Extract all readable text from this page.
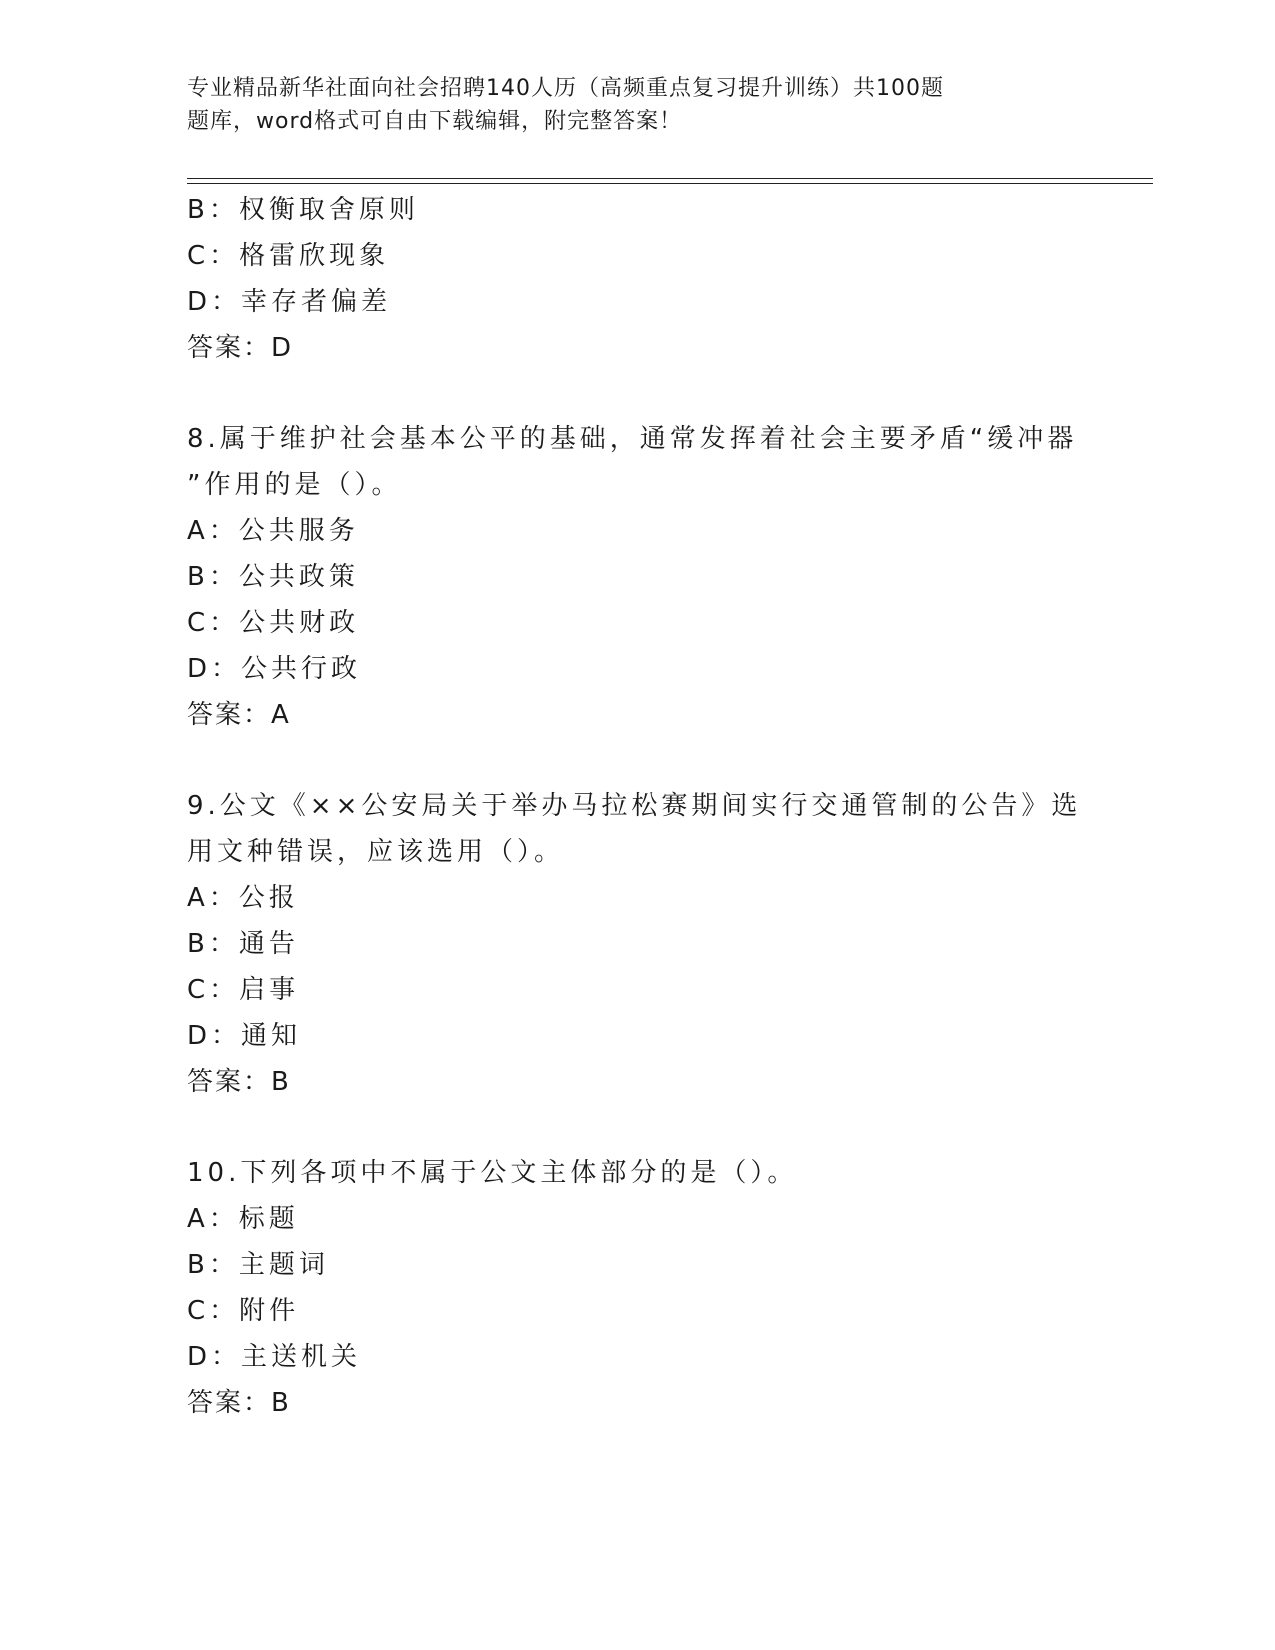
专业精品新华社面向社会招聘140人历（高频重点复习提升训练）共100题
题库，word格式可自由下载编辑，附完整答案！
B：权衡取舍原则
C：格雷欣现象
D：幸存者偏差
答案：D
8.属于维护社会基本公平的基础，通常发挥着社会主要矛盾“缓冲器
”作用的是（）。
A：公共服务
B：公共政策
C：公共财政
D：公共行政
答案：A
9.公文《××公安局关于举办马拉松赛期间实行交通管制的公告》选
用文种错误，应该选用（）。
A：公报
B：通告
C：启事
D：通知
答案：B
10.下列各项中不属于公文主体部分的是（）。
A：标题
B：主题词
C：附件
D：主送机关
答案：B
